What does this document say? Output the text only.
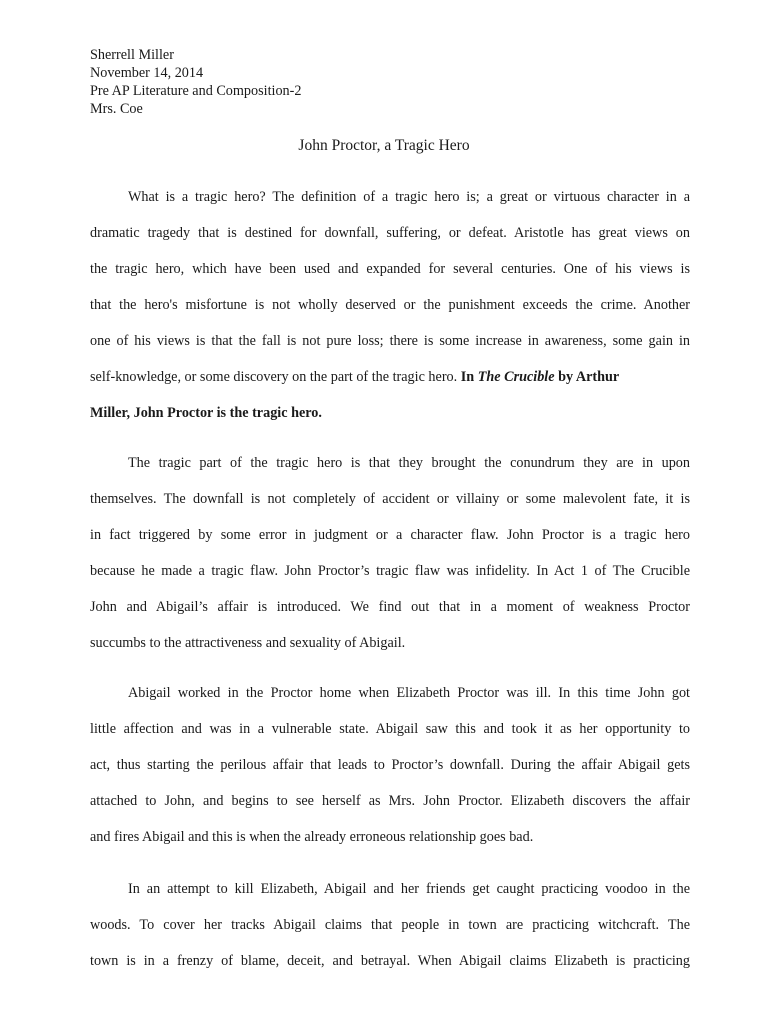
Sherrell Miller
November 14, 2014
Pre AP Literature and Composition-2
Mrs. Coe
John Proctor, a Tragic Hero
What is a tragic hero? The definition of a tragic hero is; a great or virtuous character in a
dramatic tragedy that is destined for downfall, suffering, or defeat. Aristotle has great views on
the tragic hero, which have been used and expanded for several centuries. One of his views is
that the hero's misfortune is not wholly deserved or the punishment exceeds the crime. Another
one of his views is that the fall is not pure loss; there is some increase in awareness, some gain in
self-knowledge, or some discovery on the part of the tragic hero. In The Crucible by Arthur
Miller, John Proctor is the tragic hero.
The tragic part of the tragic hero is that they brought the conundrum they are in upon
themselves. The downfall is not completely of accident or villainy or some malevolent fate, it is
in fact triggered by some error in judgment or a character flaw. John Proctor is a tragic hero
because he made a tragic flaw. John Proctor’s tragic flaw was infidelity. In Act 1 of The Crucible
John and Abigail’s affair is introduced. We find out that in a moment of weakness Proctor
succumbs to the attractiveness and sexuality of Abigail.
Abigail worked in the Proctor home when Elizabeth Proctor was ill. In this time John got
little affection and was in a vulnerable state. Abigail saw this and took it as her opportunity to
act, thus starting the perilous affair that leads to Proctor’s downfall. During the affair Abigail gets
attached to John, and begins to see herself as Mrs. John Proctor. Elizabeth discovers the affair
and fires Abigail and this is when the already erroneous relationship goes bad.
In an attempt to kill Elizabeth, Abigail and her friends get caught practicing voodoo in the
woods. To cover her tracks Abigail claims that people in town are practicing witchcraft. The
town is in a frenzy of blame, deceit, and betrayal. When Abigail claims Elizabeth is practicing
